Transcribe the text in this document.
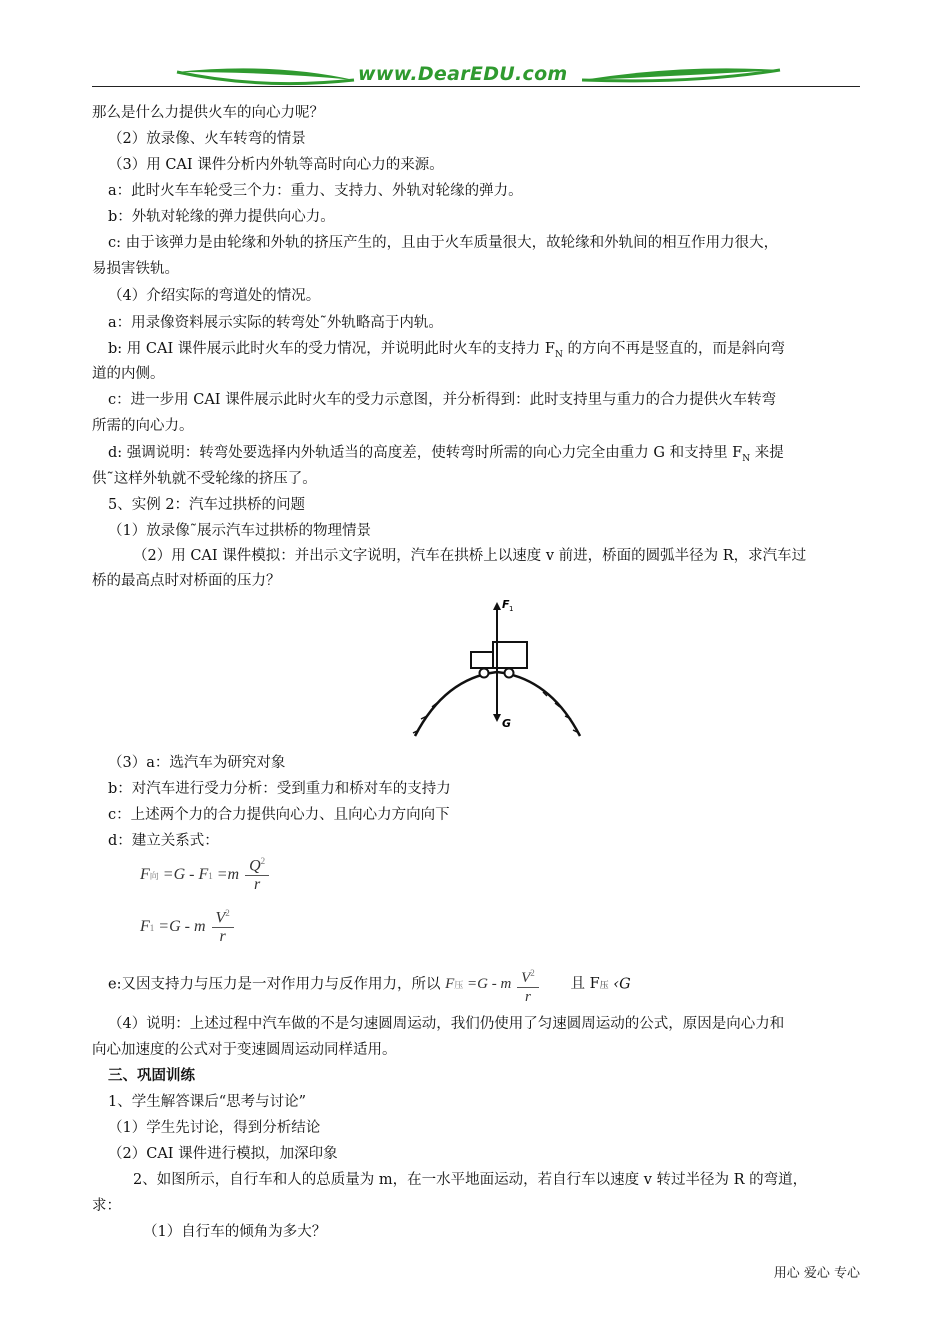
www.DearEDU.com
那么是什么力提供火车的向心力呢？
（2）放录像、火车转弯的情景
（3）用 CAI 课件分析内外轨等高时向心力的来源。
a：此时火车车轮受三个力：重力、支持力、外轨对轮缘的弹力。
b：外轨对轮缘的弹力提供向心力。
c: 由于该弹力是由轮缘和外轨的挤压产生的，且由于火车质量很大，故轮缘和外轨间的相互作用力很大，
易损害铁轨。
（4）介绍实际的弯道处的情况。
a：用录像资料展示实际的转弯处˜外轨略高于内轨。
b: 用 CAI 课件展示此时火车的受力情况，并说明此时火车的支持力 $F_N$ 的方向不再是竖直的，而是斜向弯
道的内侧。
c：进一步用 CAI 课件展示此时火车的受力示意图，并分析得到：此时支持里与重力的合力提供火车转弯
所需的向心力。
d: 强调说明：转弯处要选择内外轨适当的高度差，使转弯时所需的向心力完全由重力 G 和支持里 $F_N$ 来提
供˜这样外轨就不受轮缘的挤压了。
5、实例 2：汽车过拱桥的问题
（1）放录像˜展示汽车过拱桥的物理情景
（2）用 CAI 课件模拟：并出示文字说明，汽车在拱桥上以速度 v 前进，桥面的圆弧半径为 R，求汽车过
桥的最高点时对桥面的压力？
F 1
G
（3）a：选汽车为研究对象
b：对汽车进行受力分析：受到重力和桥对车的支持力
c：上述两个力的合力提供向心力、且向心力方向向下
d：建立关系式：
F向 $=G - F1 =m \frac{Q^2}{r}$
F1 =G - m $\frac{V^2}{r}$
e:又因支持力与压力是一对作用力与反作用力，所以 F压 =G - m $\frac{V^2}{r}$ 且 F压 ‹G
（4）说明：上述过程中汽车做的不是匀速圆周运动，我们仍使用了匀速圆周运动的公式，原因是向心力和
向心加速度的公式对于变速圆周运动同样适用。
三、巩固训练
1、学生解答课后“思考与讨论”
（1）学生先讨论，得到分析结论
（2）CAI 课件进行模拟，加深印象
2、如图所示，自行车和人的总质量为 m，在一水平地面运动，若自行车以速度 v 转过半径为 R 的弯道，
求：
（1）自行车的倾角为多大？
用心 爱心 专心
